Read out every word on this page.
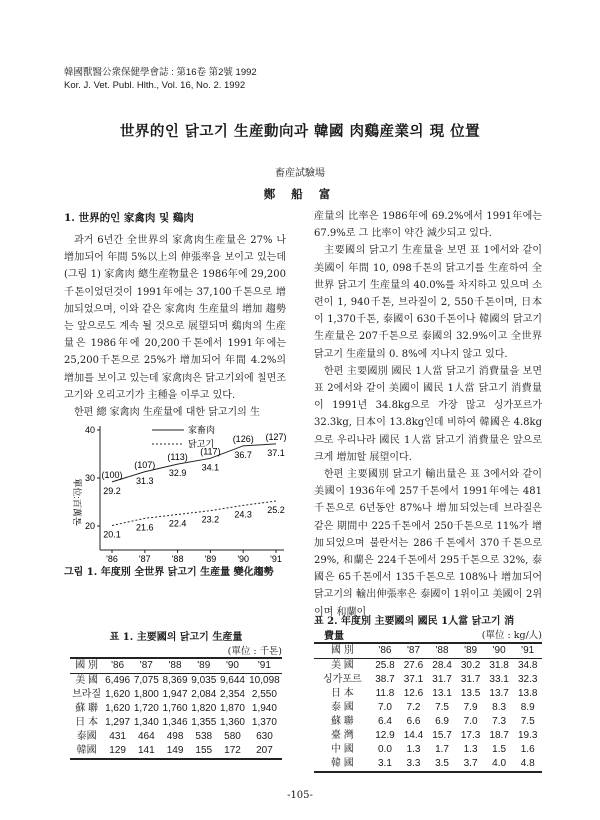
韓國獸醫公衆保健學會誌 : 第16卷 第2號 1992
Kor. J. Vet. Publ. Hlth., Vol. 16, No. 2. 1992
世界的인 닭고기 生産動向과 韓國 肉鷄産業의 現 位置
畜産試驗場
鄭 船 富
1. 世界的인 家禽肉 및 鷄肉

과거 6년간 全世界의 家禽肉生産量은 27% 나 增加되어 年間 5%以上의 伸張率을 보이고 있는데(그림 1) 家禽肉 總生産物量은 1986年에 29,200千톤이었던것이 1991年에는 37,100千톤으로 增加되었으며, 이와 같은 家禽肉 生産量의 增加 趨勢는 앞으로도 계속 될 것으로 展望되며 鷄肉의 生産量은 1986年에 20,200千톤에서 1991年에는 25,200千톤으로 25%가 增加되어 年間 4.2%의 增加를 보이고 있는데 家禽肉은 닭고기외에 칠면조 고기와 오리고기가 主種을 이루고 있다.

한편 總 家禽肉 生産量에 대한 닭고기의 生

家畜肉
닭고기
單位:百萬톤
20
30
40
'86 '87 '88 '89 '90 '91
29.2
(100)
31.3
(107)
32.9
(113)
34.1
(117) 36.7
(126)
37.1
(127)
20.1
21.6 22.4 23.2
24.3 25.2
그림 1. 年度別 全世界 닭고기 生産量 變化趨勢
표 1. 主要國의 닭고기 生産量
(單位 : 千톤)
國 別	'86	'87	'88	'89	'90	'91
美 國	6,496	7,075	8,369	9,035	9,644	10,098
브라질	1,620	1,800	1,947	2,084	2,354	2,550
蘇 聯	1,620	1,720	1,760	1,820	1,870	1,940
日 本	1,297	1,340	1,346	1,355	1,360	1,370
泰國	431	464	498	538	580	630
韓國	129	141	149	155	172	207

産量의 比率은 1986年에 69.2%에서 1991年에는 67.9%로 그 比率이 약간 減少되고 있다.

主要國의 닭고기 生産量을 보면 표 1에서와 같이 美國이 年間 10, 098千톤의 닭고기를 生産하여 全世界 닭고기 生産量의 40.0%를 차지하고 있으며 소련이 1, 940千톤, 브라질이 2, 550千톤이며, 日本이 1,370千톤, 泰國이 630千톤이나 韓國의 닭고기 生産量은 207千톤으로 泰國의 32.9%이고 全世界 닭고기 生産量의 0. 8%에 지나지 않고 있다.

한편 主要國別 國民 1人當 닭고기 消費量을 보면 표 2에서와 같이 美國이 國民 1人當 닭고기 消費量이 1991년 34.8kg으로 가장 많고 싱가포르가 32.3kg, 日本이 13.8kg인데 비하여 韓國은 4.8kg으로 우리나라 國民 1人當 닭고기 消費量은 앞으로 크게 增加할 展望이다.

한편 主要國別 닭고기 輸出量은 표 3에서와 같이 美國이 1936年에 257千톤에서 1991年에는 481千톤으로 6년동안 87%나 增加되었는데 브라질은 같은 期間中 225千톤에서 250千톤으로 11%가 增加되었으며 불란서는 286千톤에서 370千톤으로 29%, 和蘭은 224千톤에서 295千톤으로 32%, 泰國은 65千톤에서 135千톤으로 108%나 增加되어 닭고기의 輸出伸張率은 泰國이 1위이고 美國이 2위이며 和蘭이

표 2. 年度別 主要國의 國民 1人當 닭고기 消
費量	(單位 : kg/人)
國 別	'86	'87	'88	'89	'90	'91
美 國	25.8	27.6	28.4	30.2	31.8	34.8
싱가포르	38.7	37.1	31.7	31.7	33.1	32.3
日 本	11.8	12.6	13.1	13.5	13.7	13.8
泰 國	7.0	7.2	7.5	7.9	8.3	8.9
蘇 聯	6.4	6.6	6.9	7.0	7.3	7.5
臺 灣	12.9	14.4	15.7	17.3	18.7	19.3
中 國	0.0	1.3	1.7	1.3	1.5	1.6
韓 國	3.1	3.3	3.5	3.7	4.0	4.8
-105-
